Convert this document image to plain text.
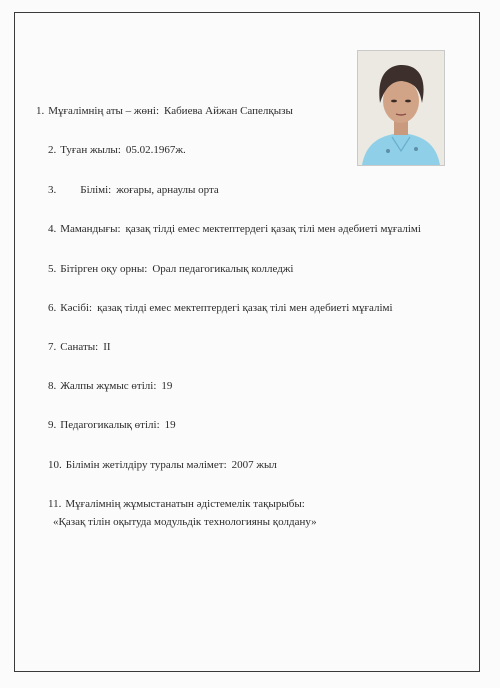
1. Мұғалімнің аты – жөні: Кабиева Айжан Сапелқызы
2. Туған жылы: 05.02.1967ж.
3. Білімі: жоғары, арнаулы орта
4. Мамандығы: қазақ тілді емес мектептердегі қазақ тілі мен әдебиеті мұғалімі
5. Бітірген оқу орны: Орал педагогикалық колледжі
6. Кәсібі: қазақ тілді емес мектептердегі қазақ тілі мен әдебиеті мұғалімі
7. Санаты: II
8. Жалпы жұмыс өтілі: 19
9. Педагогикалық өтілі: 19
10. Білімін жетілдіру туралы мәлімет: 2007 жыл
11. Мұғалімнің жұмыстанатын әдістемелік тақырыбы:
«Қазақ тілін оқытуда модульдік технологияны қолдану»
